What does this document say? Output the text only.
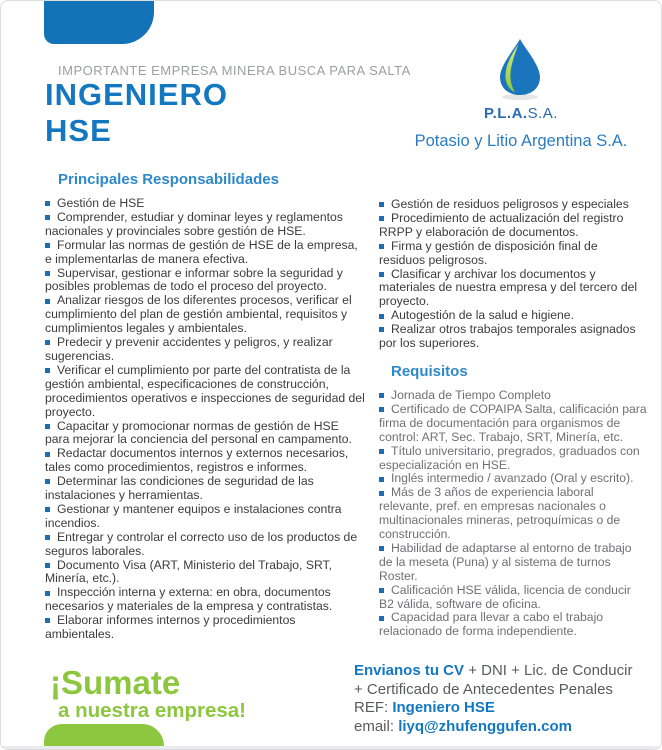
IMPORTANTE EMPRESA MINERA BUSCA PARA SALTA
INGENIERO
HSE	P.L.A.S.A.
Potasio y Litio Argentina S.A.
Principales Responsabilidades
Gestión de HSE
Comprender, estudiar y dominar leyes y reglamentos nacionales y provinciales sobre gestión de HSE.
Formular las normas de gestión de HSE de la empresa, e implementarlas de manera efectiva.
Supervisar, gestionar e informar sobre la seguridad y posibles problemas de todo el proceso del proyecto.
Analizar riesgos de los diferentes procesos, verificar el cumplimiento del plan de gestión ambiental, requisitos y cumplimientos legales y ambientales.
Predecir y prevenir accidentes y peligros, y realizar sugerencias.
Verificar el cumplimiento por parte del contratista de la gestión ambiental, especificaciones de construcción, procedimientos operativos e inspecciones de seguridad del proyecto.
Capacitar y promocionar normas de gestión de HSE para mejorar la conciencia del personal en campamento.
Redactar documentos internos y externos necesarios, tales como procedimientos, registros e informes.
Determinar las condiciones de seguridad de las instalaciones y herramientas.
Gestionar y mantener equipos e instalaciones contra incendios.
Entregar y controlar el correcto uso de los productos de seguros laborales.
Documento Visa (ART, Ministerio del Trabajo, SRT, Minería, etc.).
Inspección interna y externa: en obra, documentos necesarios y materiales de la empresa y contratistas.
Elaborar informes internos y procedimientos ambientales.
Gestión de residuos peligrosos y especiales
Procedimiento de actualización del registro RRPP y elaboración de documentos.
Firma y gestión de disposición final de residuos peligrosos.
Clasificar y archivar los documentos y materiales de nuestra empresa y del tercero del proyecto.
Autogestión de la salud e higiene.
Realizar otros trabajos temporales asignados por los superiores.
Requisitos
Jornada de Tiempo Completo
Certificado de COPAIPA Salta, calificación para firma de documentación para organismos de control: ART, Sec. Trabajo, SRT, Minería, etc.
Título universitario, pregrados, graduados con especialización en HSE.
Inglés intermedio / avanzado (Oral y escrito).
Más de 3 años de experiencia laboral relevante, pref. en empresas nacionales o multinacionales mineras, petroquímicas o de construcción.
Habilidad de adaptarse al entorno de trabajo de la meseta (Puna) y al sistema de turnos Roster.
Calificación HSE válida, licencia de conducir B2 válida, software de oficina.
Capacidad para llevar a cabo el trabajo relacionado de forma independiente.
¡Sumate
a nuestra empresa!
Envianos tu CV + DNI + Lic. de Conducir
+ Certificado de Antecedentes Penales
REF: Ingeniero HSE
email: liyq@zhufenggufen.com
